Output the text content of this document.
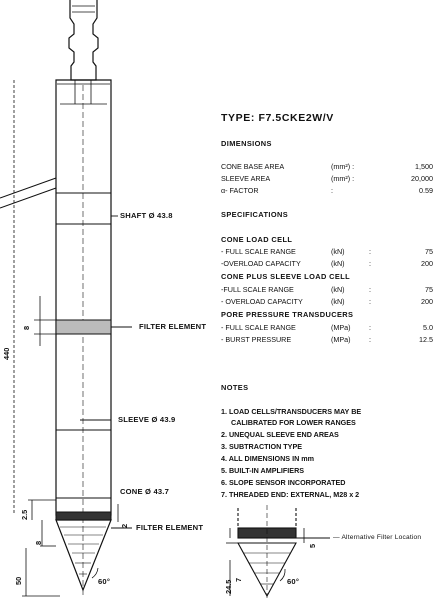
SHAFT Ø 43.8
FILTER ELEMENT
SLEEVE Ø 43.9
CONE Ø 43.7
FILTER ELEMENT
— Alternative Filter Location
440
8
2.5
2
8
50	60°
5
24.5 7	60°
TYPE: F7.5CKE2W/V
DIMENSIONS
CONE BASE AREA	(mm²) :	1,500
SLEEVE AREA	(mm²) :	20,000
α- FACTOR	:	0.59
SPECIFICATIONS
CONE LOAD CELL
- FULL SCALE RANGE	(kN)	:	75
-OVERLOAD CAPACITY	(kN)	:	200
CONE PLUS SLEEVE LOAD CELL
-FULL SCALE RANGE	(kN)	:	75
- OVERLOAD CAPACITY	(kN)	:	200
PORE PRESSURE TRANSDUCERS
- FULL SCALE RANGE	(MPa)	:	5.0
- BURST PRESSURE	(MPa)	:	12.5
NOTES
1. LOAD CELLS/TRANSDUCERS MAY BE
CALIBRATED FOR LOWER RANGES
2. UNEQUAL SLEEVE END AREAS
3. SUBTRACTION TYPE
4. ALL DIMENSIONS IN mm
5. BUILT-IN AMPLIFIERS
6. SLOPE SENSOR INCORPORATED
7. THREADED END: EXTERNAL, M28 x 2
